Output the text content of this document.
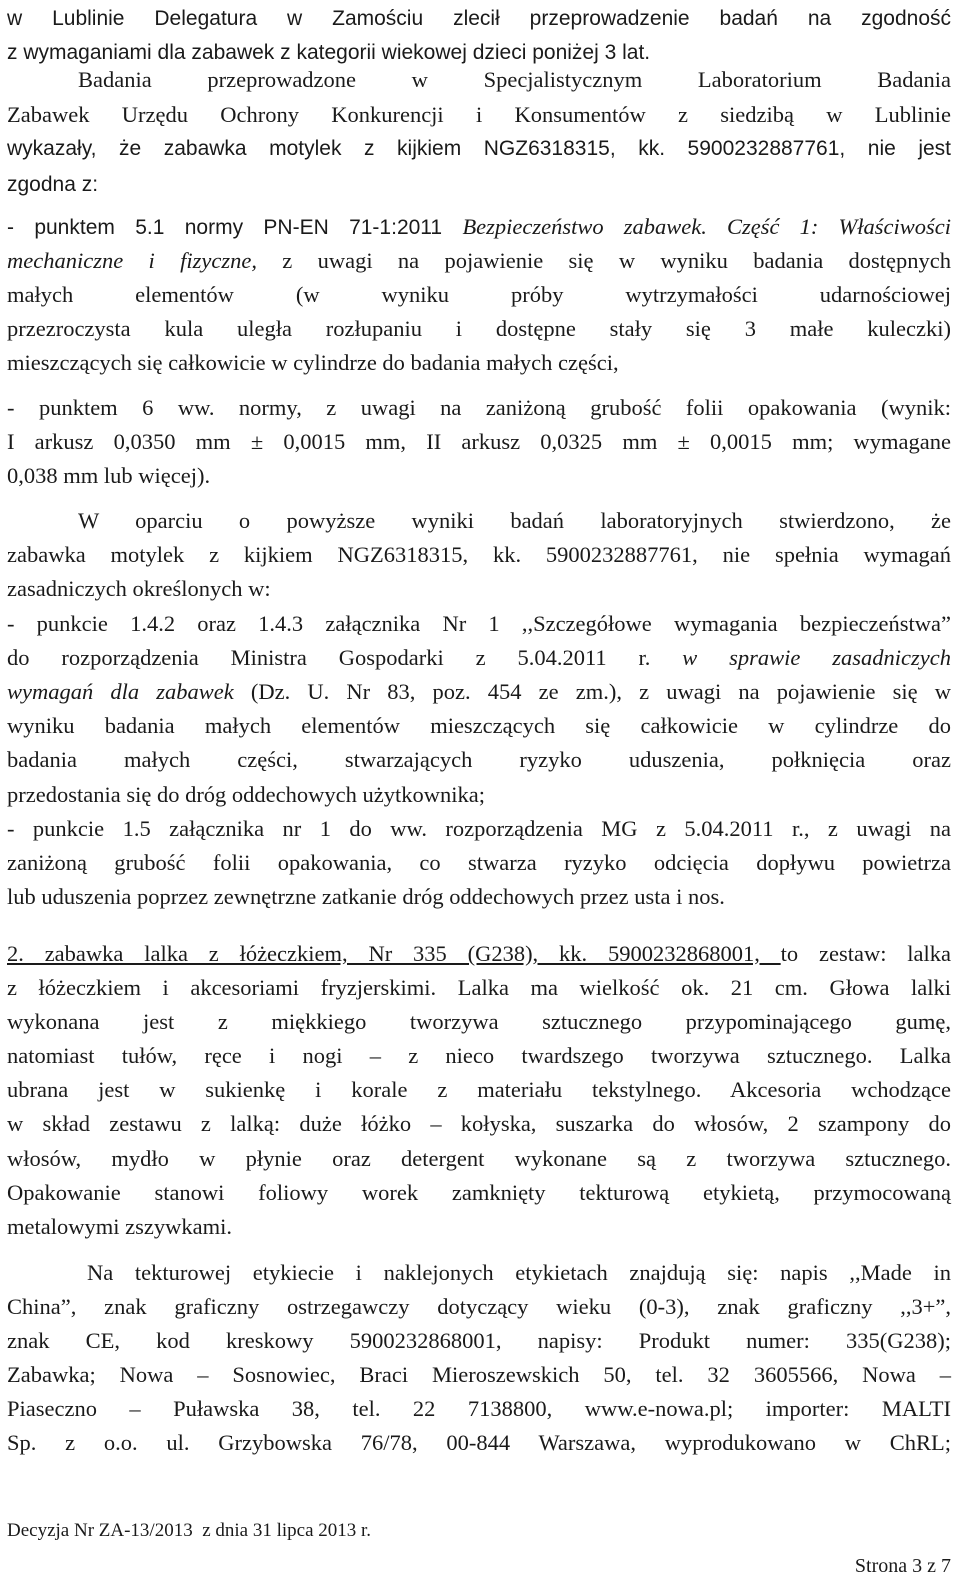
w Lublinie Delegatura w Zamościu zlecił przeprowadzenie badań na zgodność
z wymaganiami dla zabawek z kategorii wiekowej dzieci poniżej 3 lat.
Badania przeprowadzone w Specjalistycznym Laboratorium Badania
Zabawek Urzędu Ochrony Konkurencji i Konsumentów z siedzibą w Lublinie
wykazały, że zabawka motylek z kijkiem NGZ6318315, kk. 5900232887761, nie jest
zgodna z:
- punktem 5.1 normy PN-EN 71-1:2011 Bezpieczeństwo zabawek. Część 1: Właściwości
mechaniczne i fizyczne, z uwagi na pojawienie się w wyniku badania dostępnych
małych elementów (w wyniku próby wytrzymałości udarnościowej
przezroczysta kula uległa rozłupaniu i dostępne stały się 3 małe kuleczki)
mieszczących się całkowicie w cylindrze do badania małych części,
- punktem 6 ww. normy, z uwagi na zaniżoną grubość folii opakowania (wynik:
I arkusz 0,0350 mm ± 0,0015 mm, II arkusz 0,0325 mm ± 0,0015 mm; wymagane
0,038 mm lub więcej).
W oparciu o powyższe wyniki badań laboratoryjnych stwierdzono, że
zabawka motylek z kijkiem NGZ6318315, kk. 5900232887761, nie spełnia wymagań
zasadniczych określonych w:
- punkcie 1.4.2 oraz 1.4.3 załącznika Nr 1 ,,Szczegółowe wymagania bezpieczeństwa”
do rozporządzenia Ministra Gospodarki z 5.04.2011 r. w sprawie zasadniczych
wymagań dla zabawek (Dz. U. Nr 83, poz. 454 ze zm.), z uwagi na pojawienie się w
wyniku badania małych elementów mieszczących się całkowicie w cylindrze do
badania małych części, stwarzających ryzyko uduszenia, połknięcia oraz
przedostania się do dróg oddechowych użytkownika;
- punkcie 1.5 załącznika nr 1 do ww. rozporządzenia MG z 5.04.2011 r., z uwagi na
zaniżoną grubość folii opakowania, co stwarza ryzyko odcięcia dopływu powietrza
lub uduszenia poprzez zewnętrzne zatkanie dróg oddechowych przez usta i nos.
2. zabawka lalka z łóżeczkiem, Nr 335 (G238), kk. 5900232868001, to zestaw: lalka
z łóżeczkiem i akcesoriami fryzjerskimi. Lalka ma wielkość ok. 21 cm. Głowa lalki
wykonana jest z miękkiego tworzywa sztucznego przypominającego gumę,
natomiast tułów, ręce i nogi – z nieco twardszego tworzywa sztucznego. Lalka
ubrana jest w sukienkę i korale z materiału tekstylnego. Akcesoria wchodzące
w skład zestawu z lalką: duże łóżko – kołyska, suszarka do włosów, 2 szampony do
włosów, mydło w płynie oraz detergent wykonane są z tworzywa sztucznego.
Opakowanie stanowi foliowy worek zamknięty tekturową etykietą, przymocowaną
metalowymi zszywkami.
Na tekturowej etykiecie i naklejonych etykietach znajdują się: napis ,,Made in
China”, znak graficzny ostrzegawczy dotyczący wieku (0-3), znak graficzny ,,3+”,
znak CE, kod kreskowy 5900232868001, napisy: Produkt numer: 335(G238);
Zabawka; Nowa – Sosnowiec, Braci Mieroszewskich 50, tel. 32 3605566, Nowa –
Piaseczno – Puławska 38, tel. 22 7138800, www.e-nowa.pl; importer: MALTI
Sp. z o.o. ul. Grzybowska 76/78, 00-844 Warszawa, wyprodukowano w ChRL;
Decyzja Nr ZA-13/2013  z dnia 31 lipca 2013 r.
Strona 3 z 7
